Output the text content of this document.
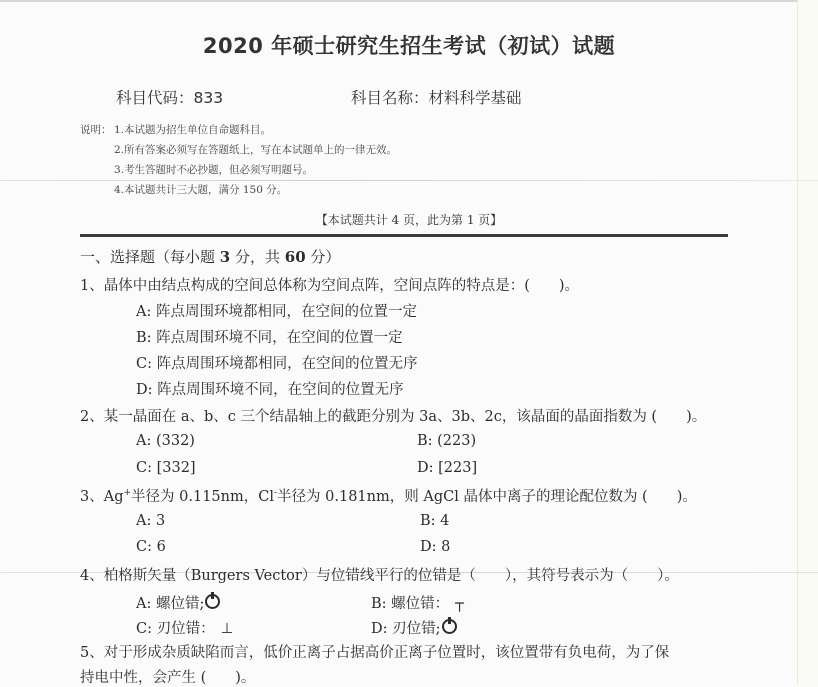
2020 年硕士研究生招生考试（初试）试题
科目代码：833	科目名称：材料科学基础
说明： 1.本试题为招生单位自命题科目。
2.所有答案必须写在答题纸上，写在本试题单上的一律无效。
3.考生答题时不必抄题，但必须写明题号。
4.本试题共计三大题，满分 150 分。
【本试题共计 4 页，此为第 1 页】
一、选择题（每小题 3 分，共 60 分）
1、晶体中由结点构成的空间总体称为空间点阵，空间点阵的特点是：(　　)。
A: 阵点周围环境都相同，在空间的位置一定
B: 阵点周围环境不同，在空间的位置一定
C: 阵点周围环境都相同，在空间的位置无序
D: 阵点周围环境不同，在空间的位置无序
2、某一晶面在 a、b、c 三个结晶轴上的截距分别为 3a、3b、2c，该晶面的晶面指数为 (　　)。
A: (332)	B: (223)
C: [332]	D: [223]
3、Ag+半径为 0.115nm，Cl-半径为 0.181nm，则 AgCl 晶体中离子的理论配位数为 (　　)。
A: 3	B: 4
C: 6	D: 8
4、柏格斯矢量（Burgers Vector）与位错线平行的位错是（　　），其符号表示为（　　）。
A: 螺位错;	B: 螺位错： ┬
C: 刃位错： ⊥	D: 刃位错;
5、对于形成杂质缺陷而言，低价正离子占据高价正离子位置时，该位置带有负电荷，为了保
持电中性，会产生 (　　)。
